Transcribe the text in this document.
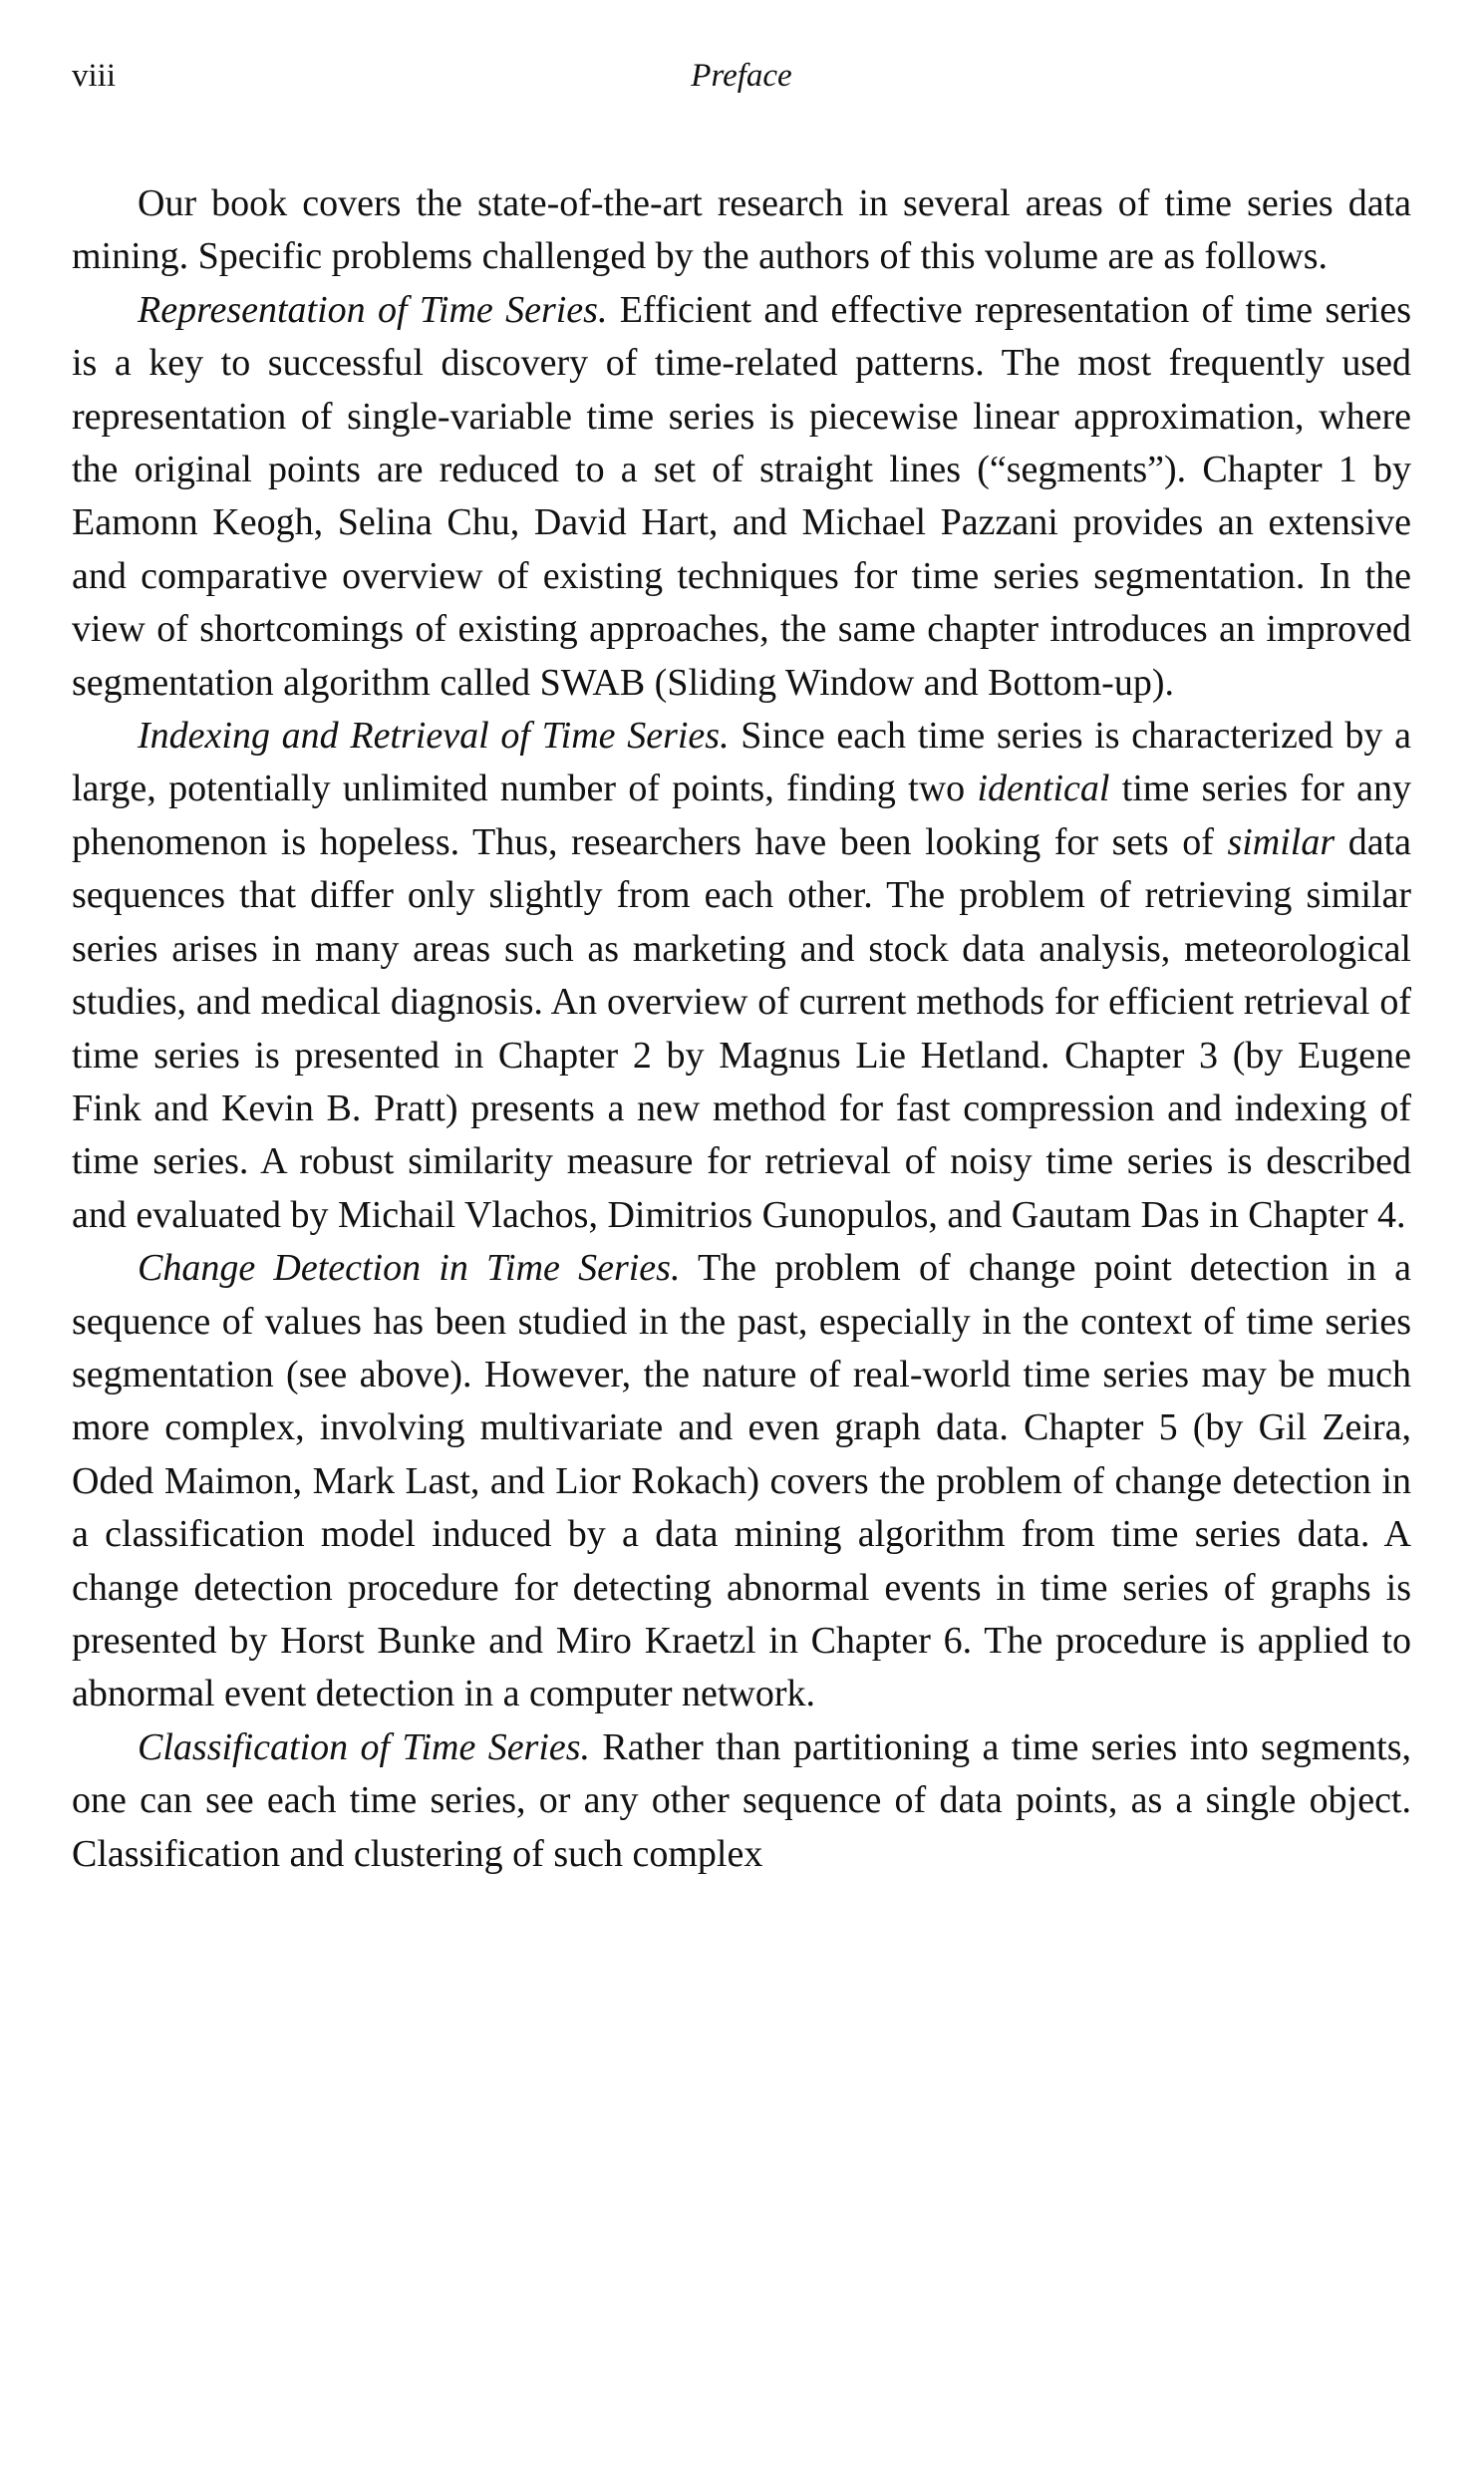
viii	Preface

Our book covers the state-of-the-art research in several areas of time series data mining. Specific problems challenged by the authors of this volume are as follows.

Representation of Time Series. Efficient and effective representation of time series is a key to successful discovery of time-related patterns. The most frequently used representation of single-variable time series is piecewise linear approximation, where the original points are reduced to a set of straight lines (“segments”). Chapter 1 by Eamonn Keogh, Selina Chu, David Hart, and Michael Pazzani provides an extensive and comparative overview of existing techniques for time series segmentation. In the view of shortcomings of existing approaches, the same chapter introduces an improved segmentation algorithm called SWAB (Sliding Window and Bottom-up).

Indexing and Retrieval of Time Series. Since each time series is characterized by a large, potentially unlimited number of points, finding two identical time series for any phenomenon is hopeless. Thus, researchers have been looking for sets of similar data sequences that differ only slightly from each other. The problem of retrieving similar series arises in many areas such as marketing and stock data analysis, meteorological studies, and medical diagnosis. An overview of current methods for efficient retrieval of time series is presented in Chapter 2 by Magnus Lie Hetland. Chapter 3 (by Eugene Fink and Kevin B. Pratt) presents a new method for fast compression and indexing of time series. A robust similarity measure for retrieval of noisy time series is described and evaluated by Michail Vlachos, Dimitrios Gunopulos, and Gautam Das in Chapter 4.

Change Detection in Time Series. The problem of change point detection in a sequence of values has been studied in the past, especially in the context of time series segmentation (see above). However, the nature of real-world time series may be much more complex, involving multivariate and even graph data. Chapter 5 (by Gil Zeira, Oded Maimon, Mark Last, and Lior Rokach) covers the problem of change detection in a classification model induced by a data mining algorithm from time series data. A change detection procedure for detecting abnormal events in time series of graphs is presented by Horst Bunke and Miro Kraetzl in Chapter 6. The procedure is applied to abnormal event detection in a computer network.

Classification of Time Series. Rather than partitioning a time series into segments, one can see each time series, or any other sequence of data points, as a single object. Classification and clustering of such complex
